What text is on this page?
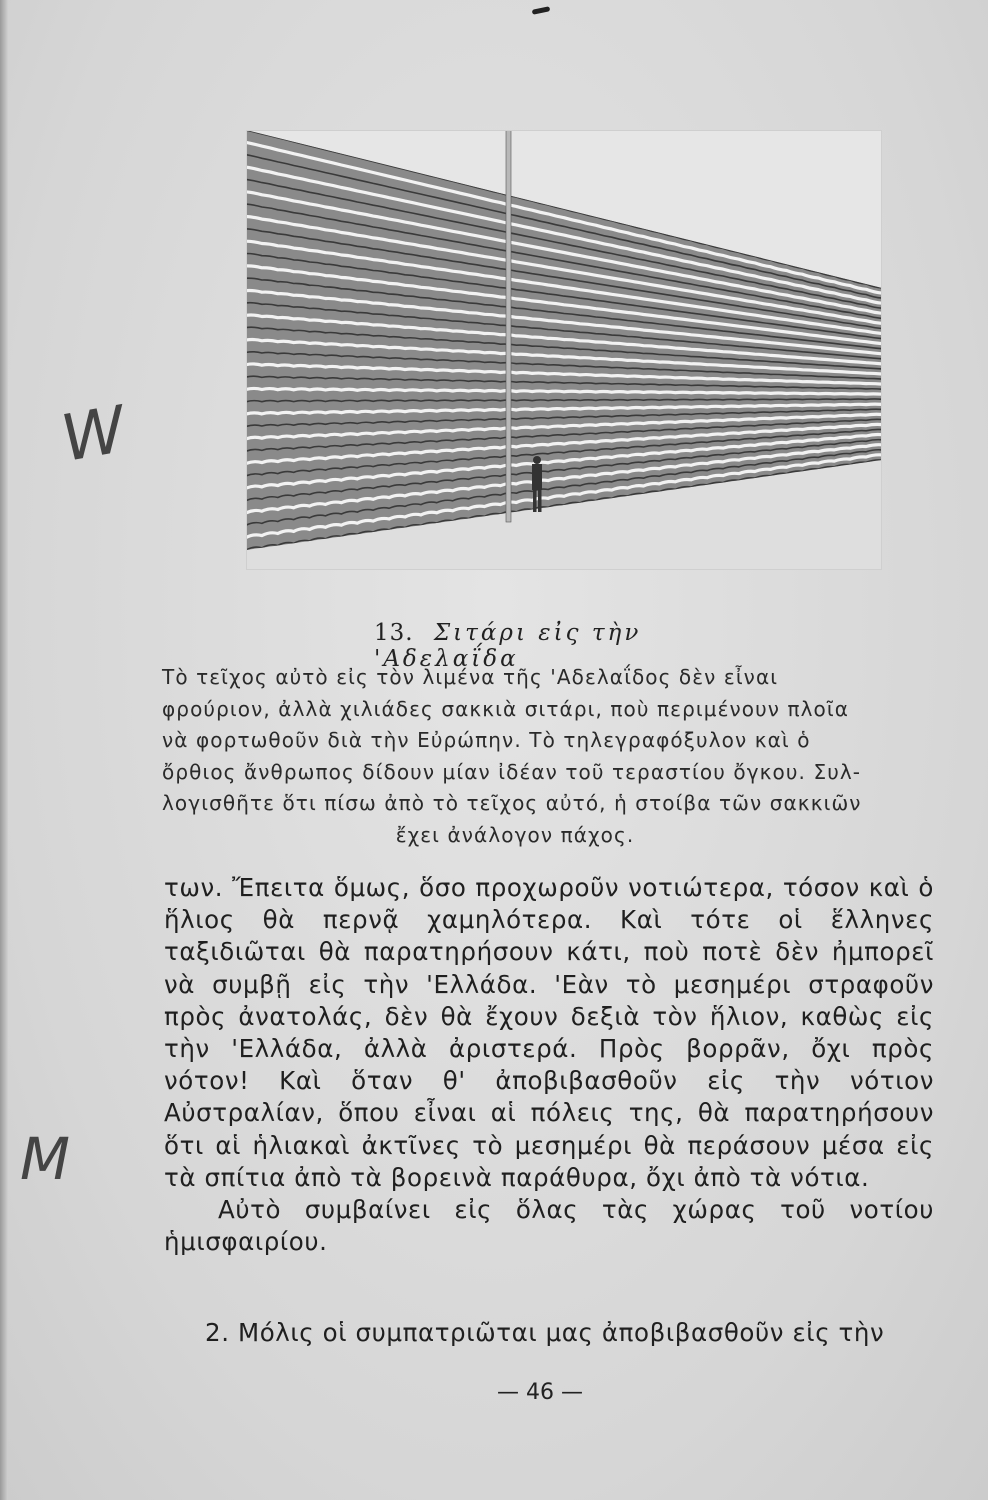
W
M
13. Σιτάρι εἰς τὴν 'Αδελαΐδα
Τὸ τεῖχος αὐτὸ εἰς τὸν λιμένα τῆς 'Αδελαΐδος δὲν εἶναι
φρούριον, ἀλλὰ χιλιάδες σακκιὰ σιτάρι, ποὺ περιμένουν πλοῖα
νὰ φορτωθοῦν διὰ τὴν Εὐρώπην. Τὸ τηλεγραφόξυλον καὶ ὁ
ὄρθιος ἄνθρωπος δίδουν μίαν ἰδέαν τοῦ τεραστίου ὄγκου. Συλ-
λογισθῆτε ὅτι πίσω ἀπὸ τὸ τεῖχος αὐτό, ἡ στοίβα τῶν σακκιῶν
ἔχει ἀνάλογον πάχος.

των. Ἔπειτα ὅμως, ὅσο προχωροῦν νοτιώτερα, τόσον καὶ ὁ ἥλιος θὰ περνᾷ χαμηλότερα. Καὶ τότε οἱ ἕλληνες ταξιδιῶται θὰ παρατηρήσουν κάτι, ποὺ ποτὲ δὲν ἠμπορεῖ νὰ συμβῇ εἰς τὴν 'Ελλάδα. 'Εὰν τὸ μεσημέρι στραφοῦν πρὸς ἀνατολάς, δὲν θὰ ἔχουν δεξιὰ τὸν ἥλιον, καθὼς εἰς τὴν 'Ελλάδα, ἀλλὰ ἀριστερά. Πρὸς βορρᾶν, ὄχι πρὸς νότον! Καὶ ὅταν θ' ἀποβιβασθοῦν εἰς τὴν νότιον Αὐστραλίαν, ὅπου εἶναι αἱ πόλεις της, θὰ παρατηρήσουν ὅτι αἱ ἡλιακαὶ ἀκτῖνες τὸ μεσημέρι θὰ περάσουν μέσα εἰς τὰ σπίτια ἀπὸ τὰ βορεινὰ παράθυρα, ὄχι ἀπὸ τὰ νότια.

Αὐτὸ συμβαίνει εἰς ὅλας τὰς χώρας τοῦ νοτίου ἡμισφαιρίου.

2. Μόλις οἱ συμπατριῶται μας ἀποβιβασθοῦν εἰς τὴν
— 46 —
